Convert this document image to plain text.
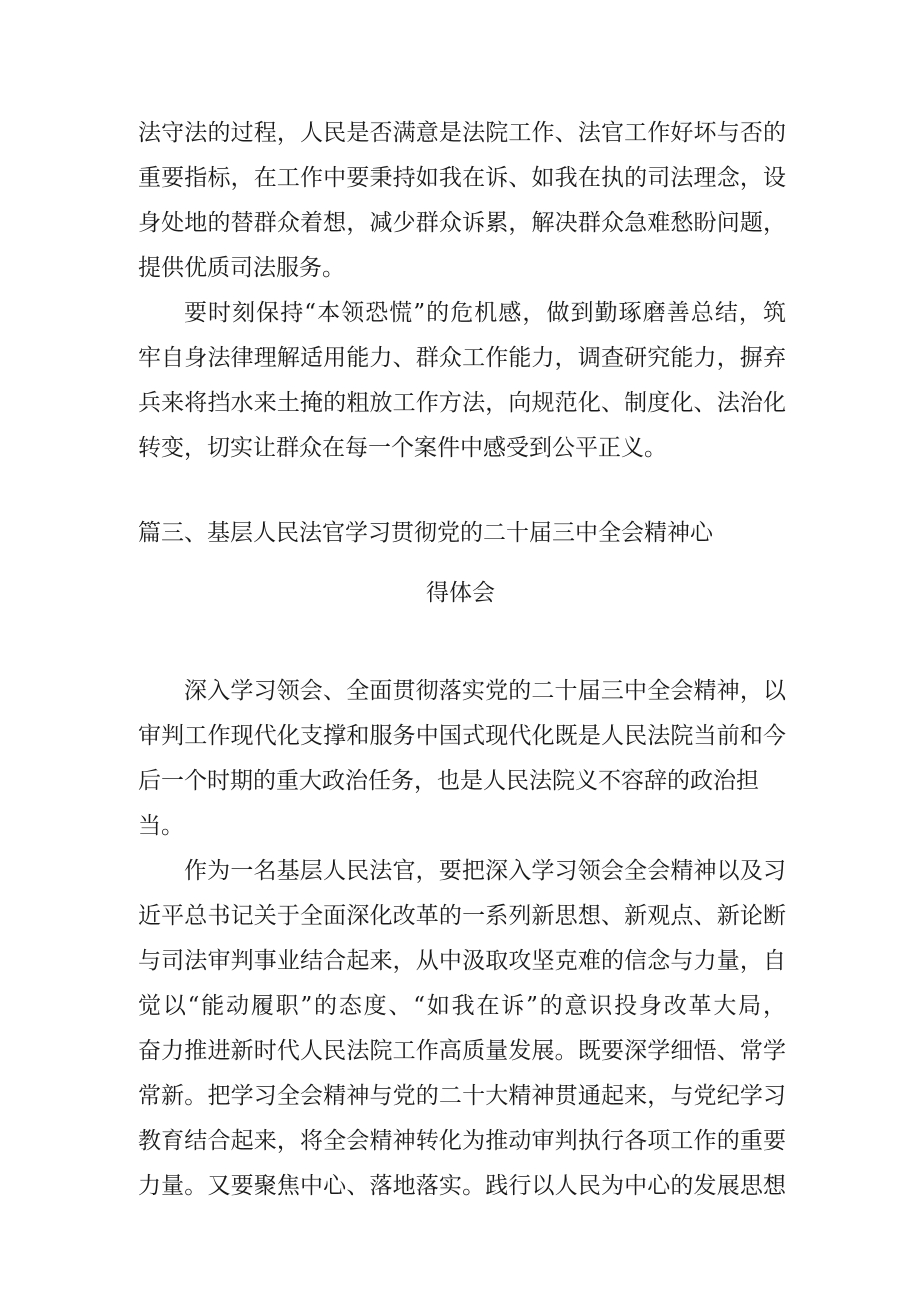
法守法的过程，人民是否满意是法院工作、法官工作好坏与否的
重要指标，在工作中要秉持如我在诉、如我在执的司法理念，设
身处地的替群众着想，减少群众诉累，解决群众急难愁盼问题，
提供优质司法服务。
要时刻保持“本领恐慌”的危机感，做到勤琢磨善总结，筑
牢自身法律理解适用能力、群众工作能力，调查研究能力，摒弃
兵来将挡水来土掩的粗放工作方法，向规范化、制度化、法治化
转变，切实让群众在每一个案件中感受到公平正义。
篇三、基层人民法官学习贯彻党的二十届三中全会精神心
得体会
深入学习领会、全面贯彻落实党的二十届三中全会精神，以
审判工作现代化支撑和服务中国式现代化既是人民法院当前和今
后一个时期的重大政治任务，也是人民法院义不容辞的政治担
当。
作为一名基层人民法官，要把深入学习领会全会精神以及习
近平总书记关于全面深化改革的一系列新思想、新观点、新论断
与司法审判事业结合起来，从中汲取攻坚克难的信念与力量，自
觉以“能动履职”的态度、“如我在诉”的意识投身改革大局，
奋力推进新时代人民法院工作高质量发展。既要深学细悟、常学
常新。把学习全会精神与党的二十大精神贯通起来，与党纪学习
教育结合起来，将全会精神转化为推动审判执行各项工作的重要
力量。又要聚焦中心、落地落实。践行以人民为中心的发展思想
